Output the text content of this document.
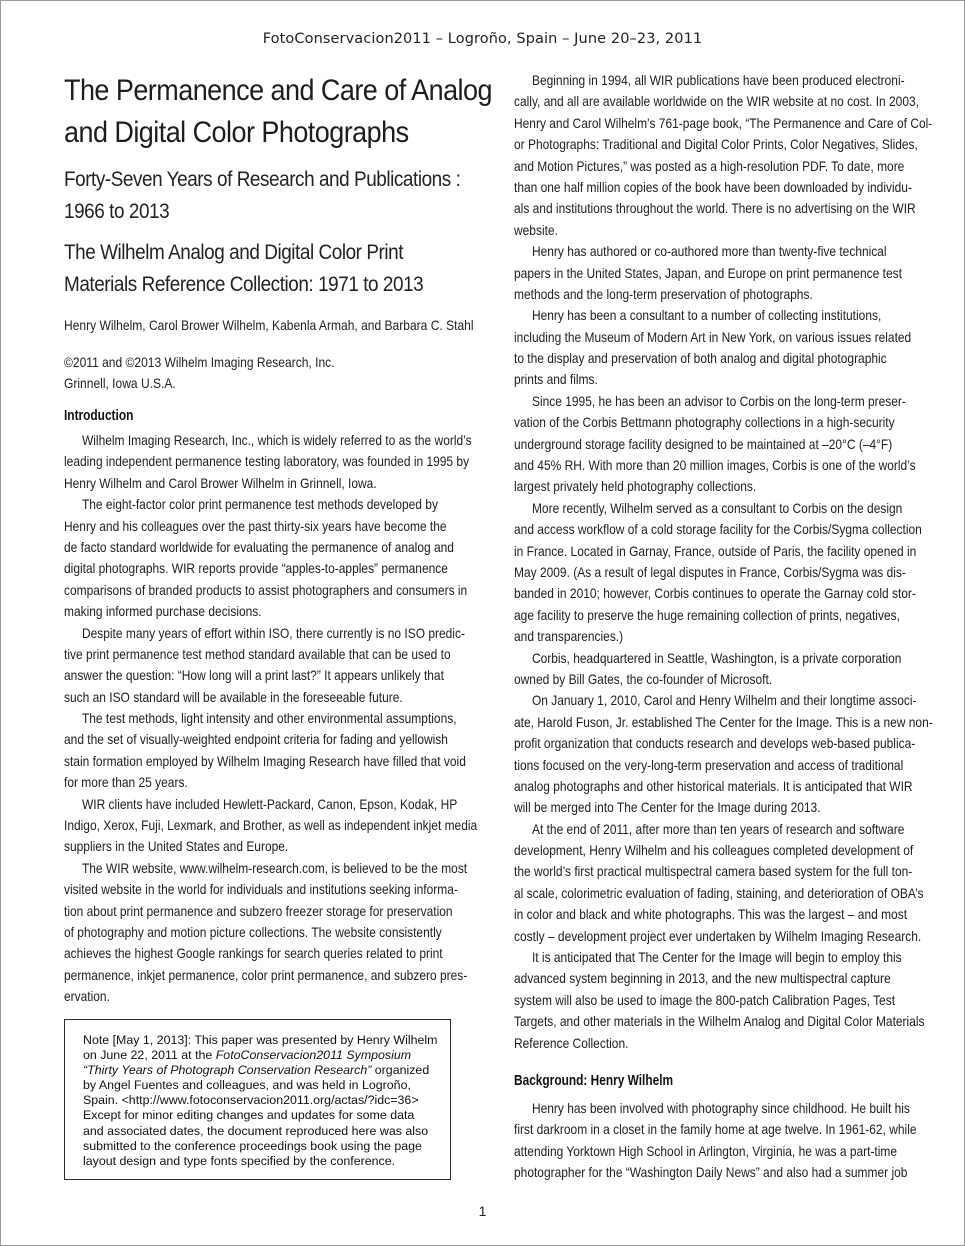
FotoConservacion2011 – Logroño, Spain – June 20–23, 2011
The Permanence and Care of Analog
and Digital Color Photographs
Forty-Seven Years of Research and Publications :
1966 to 2013
The Wilhelm Analog and Digital Color Print
Materials Reference Collection: 1971 to 2013
Henry Wilhelm, Carol Brower Wilhelm, Kabenla Armah, and Barbara C. Stahl
©2011 and ©2013 Wilhelm Imaging Research, Inc.
Grinnell, Iowa U.S.A.
Introduction
Wilhelm Imaging Research, Inc., which is widely referred to as the world’s
leading independent permanence testing laboratory, was founded in 1995 by
Henry Wilhelm and Carol Brower Wilhelm in Grinnell, Iowa.
The eight-factor color print permanence test methods developed by
Henry and his colleagues over the past thirty-six years have become the
de facto standard worldwide for evaluating the permanence of analog and
digital photographs. WIR reports provide “apples-to-apples” permanence
comparisons of branded products to assist photographers and consumers in
making informed purchase decisions.
Despite many years of effort within ISO, there currently is no ISO predic-
tive print permanence test method standard available that can be used to
answer the question: “How long will a print last?” It appears unlikely that
such an ISO standard will be available in the foreseeable future.
The test methods, light intensity and other environmental assumptions,
and the set of visually-weighted endpoint criteria for fading and yellowish
stain formation employed by Wilhelm Imaging Research have filled that void
for more than 25 years.
WIR clients have included Hewlett-Packard, Canon, Epson, Kodak, HP
Indigo, Xerox, Fuji, Lexmark, and Brother, as well as independent inkjet media
suppliers in the United States and Europe.
The WIR website, www.wilhelm-research.com, is believed to be the most
visited website in the world for individuals and institutions seeking informa-
tion about print permanence and subzero freezer storage for preservation
of photography and motion picture collections. The website consistently
achieves the highest Google rankings for search queries related to print
permanence, inkjet permanence, color print permanence, and subzero pres-
ervation.
Note [May 1, 2013]: This paper was presented by Henry Wilhelm
on June 22, 2011 at the FotoConservacion2011 Symposium
“Thirty Years of Photograph Conservation Research” organized
by Angel Fuentes and colleagues, and was held in Logroño,
Spain. <http://www.fotoconservacion2011.org/actas/?idc=36>
Except for minor editing changes and updates for some data
and associated dates, the document reproduced here was also
submitted to the conference proceedings book using the page
layout design and type fonts specified by the conference.
Beginning in 1994, all WIR publications have been produced electroni-
cally, and all are available worldwide on the WIR website at no cost. In 2003,
Henry and Carol Wilhelm’s 761-page book, “The Permanence and Care of Col-
or Photographs: Traditional and Digital Color Prints, Color Negatives, Slides,
and Motion Pictures,” was posted as a high-resolution PDF. To date, more
than one half million copies of the book have been downloaded by individu-
als and institutions throughout the world. There is no advertising on the WIR
website.
Henry has authored or co-authored more than twenty-five technical
papers in the United States, Japan, and Europe on print permanence test
methods and the long-term preservation of photographs.
Henry has been a consultant to a number of collecting institutions,
including the Museum of Modern Art in New York, on various issues related
to the display and preservation of both analog and digital photographic
prints and films.
Since 1995, he has been an advisor to Corbis on the long-term preser-
vation of the Corbis Bettmann photography collections in a high-security
underground storage facility designed to be maintained at –20°C (–4°F)
and 45% RH. With more than 20 million images, Corbis is one of the world’s
largest privately held photography collections.
More recently, Wilhelm served as a consultant to Corbis on the design
and access workflow of a cold storage facility for the Corbis/Sygma collection
in France. Located in Garnay, France, outside of Paris, the facility opened in
May 2009. (As a result of legal disputes in France, Corbis/Sygma was dis-
banded in 2010; however, Corbis continues to operate the Garnay cold stor-
age facility to preserve the huge remaining collection of prints, negatives,
and transparencies.)
Corbis, headquartered in Seattle, Washington, is a private corporation
owned by Bill Gates, the co-founder of Microsoft.
On January 1, 2010, Carol and Henry Wilhelm and their longtime associ-
ate, Harold Fuson, Jr. established The Center for the Image. This is a new non-
profit organization that conducts research and develops web-based publica-
tions focused on the very-long-term preservation and access of traditional
analog photographs and other historical materials. It is anticipated that WIR
will be merged into The Center for the Image during 2013.
At the end of 2011, after more than ten years of research and software
development, Henry Wilhelm and his colleagues completed development of
the world’s first practical multispectral camera based system for the full ton-
al scale, colorimetric evaluation of fading, staining, and deterioration of OBA’s
in color and black and white photographs. This was the largest – and most
costly – development project ever undertaken by Wilhelm Imaging Research.
It is anticipated that The Center for the Image will begin to employ this
advanced system beginning in 2013, and the new multispectral capture
system will also be used to image the 800-patch Calibration Pages, Test
Targets, and other materials in the Wilhelm Analog and Digital Color Materials
Reference Collection.
Background: Henry Wilhelm
Henry has been involved with photography since childhood. He built his
first darkroom in a closet in the family home at age twelve. In 1961-62, while
attending Yorktown High School in Arlington, Virginia, he was a part-time
photographer for the “Washington Daily News” and also had a summer job
1
